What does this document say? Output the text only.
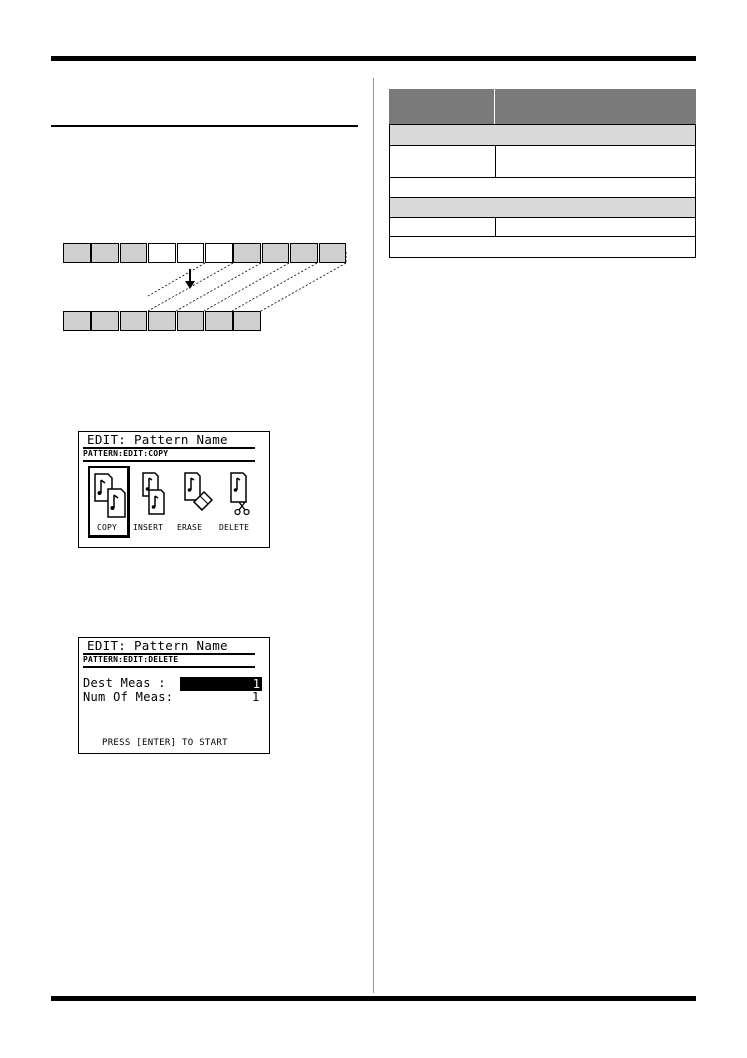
EDIT: Pattern Name
PATTERN:EDIT:COPY
COPY INSERT ERASE DELETE
EDIT: Pattern Name
PATTERN:EDIT:DELETE
Dest Meas :	1
Num Of Meas:	1
PRESS [ENTER] TO START
